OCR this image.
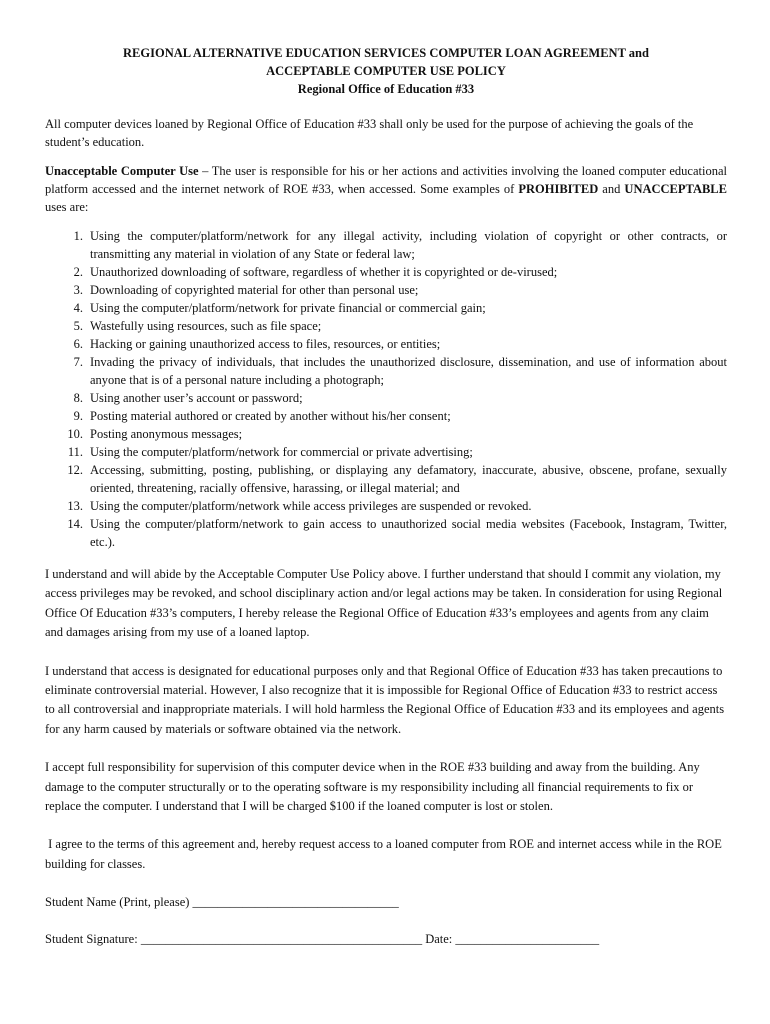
REGIONAL ALTERNATIVE EDUCATION SERVICES COMPUTER LOAN AGREEMENT and
ACCEPTABLE COMPUTER USE POLICY
Regional Office of Education #33

All computer devices loaned by Regional Office of Education #33 shall only be used for the purpose of achieving the goals of the student’s education.

Unacceptable Computer Use – The user is responsible for his or her actions and activities involving the loaned computer educational platform accessed and the internet network of ROE #33, when accessed. Some examples of PROHIBITED and UNACCEPTABLE uses are:

1. Using the computer/platform/network for any illegal activity, including violation of copyright or other contracts, or transmitting any material in violation of any State or federal law;
2. Unauthorized downloading of software, regardless of whether it is copyrighted or de-virused;
3. Downloading of copyrighted material for other than personal use;
4. Using the computer/platform/network for private financial or commercial gain;
5. Wastefully using resources, such as file space;
6. Hacking or gaining unauthorized access to files, resources, or entities;
7. Invading the privacy of individuals, that includes the unauthorized disclosure, dissemination, and use of information about anyone that is of a personal nature including a photograph;
8. Using another user’s account or password;
9. Posting material authored or created by another without his/her consent;
10. Posting anonymous messages;
11. Using the computer/platform/network for commercial or private advertising;
12. Accessing, submitting, posting, publishing, or displaying any defamatory, inaccurate, abusive, obscene, profane, sexually oriented, threatening, racially offensive, harassing, or illegal material; and
13. Using the computer/platform/network while access privileges are suspended or revoked.
14. Using the computer/platform/network to gain access to unauthorized social media websites (Facebook, Instagram, Twitter, etc.).

I understand and will abide by the Acceptable Computer Use Policy above. I further understand that should I commit any violation, my access privileges may be revoked, and school disciplinary action and/or legal actions may be taken. In consideration for using Regional Office Of Education #33’s computers, I hereby release the Regional Office of Education #33’s employees and agents from any claim and damages arising from my use of a loaned laptop.

I understand that access is designated for educational purposes only and that Regional Office of Education #33 has taken precautions to eliminate controversial material. However, I also recognize that it is impossible for Regional Office of Education #33 to restrict access to all controversial and inappropriate materials. I will hold harmless the Regional Office of Education #33 and its employees and agents for any harm caused by materials or software obtained via the network.

I accept full responsibility for supervision of this computer device when in the ROE #33 building and away from the building. Any damage to the computer structurally or to the operating software is my responsibility including all financial requirements to fix or replace the computer. I understand that I will be charged $100 if the loaned computer is lost or stolen.

I agree to the terms of this agreement and, hereby request access to a loaned computer from ROE and internet access while in the ROE building for classes.

Student Name (Print, please) _________________________________

Student Signature: _____________________________________________ Date: _______________________
